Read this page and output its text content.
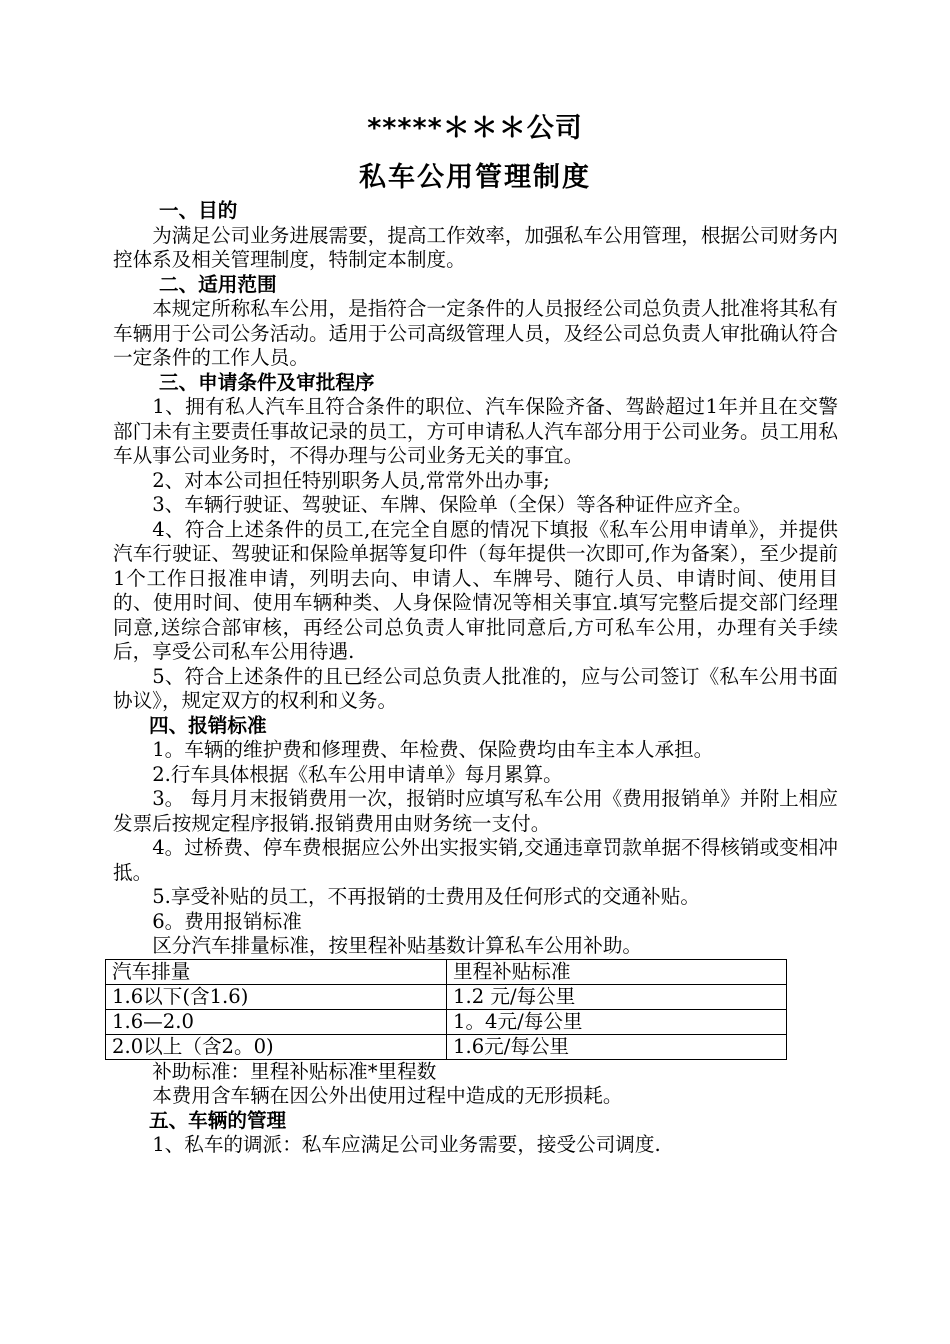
*****＊＊＊公司
私车公用管理制度
一、目的

为满足公司业务进展需要，提高工作效率，加强私车公用管理，根据公司财务内控体系及相关管理制度，特制定本制度。

二、适用范围

本规定所称私车公用，是指符合一定条件的人员报经公司总负责人批准将其私有车辆用于公司公务活动。适用于公司高级管理人员，及经公司总负责人审批确认符合一定条件的工作人员。

三、申请条件及审批程序

1、拥有私人汽车且符合条件的职位、汽车保险齐备、驾龄超过1年并且在交警部门未有主要责任事故记录的员工，方可申请私人汽车部分用于公司业务。员工用私车从事公司业务时，不得办理与公司业务无关的事宜。

2、对本公司担任特别职务人员,常常外出办事;

3、车辆行驶证、驾驶证、车牌、保险单（全保）等各种证件应齐全。

4、符合上述条件的员工,在完全自愿的情况下填报《私车公用申请单》，并提供汽车行驶证、驾驶证和保险单据等复印件（每年提供一次即可,作为备案），至少提前1个工作日报准申请，列明去向、申请人、车牌号、随行人员、申请时间、使用目的、使用时间、使用车辆种类、人身保险情况等相关事宜.填写完整后提交部门经理同意,送综合部审核，再经公司总负责人审批同意后,方可私车公用，办理有关手续后，享受公司私车公用待遇.

5、符合上述条件的且已经公司总负责人批准的，应与公司签订《私车公用书面协议》，规定双方的权利和义务。

四、报销标准

1。车辆的维护费和修理费、年检费、保险费均由车主本人承担。

2.行车具体根据《私车公用申请单》每月累算。

3。 每月月末报销费用一次，报销时应填写私车公用《费用报销单》并附上相应发票后按规定程序报销.报销费用由财务统一支付。

4。过桥费、停车费根据应公外出实报实销,交通违章罚款单据不得核销或变相冲抵。

5.享受补贴的员工，不再报销的士费用及任何形式的交通补贴。

6。费用报销标准

区分汽车排量标准，按里程补贴基数计算私车公用补助。

汽车排量	里程补贴标准
1.6以下(含1.6)	1.2 元/每公里
1.6—2.0	1。4元/每公里
2.0以上（含2。0)	1.6元/每公里

补助标准：里程补贴标准*里程数

本费用含车辆在因公外出使用过程中造成的无形损耗。

五、车辆的管理

1、私车的调派：私车应满足公司业务需要，接受公司调度.
